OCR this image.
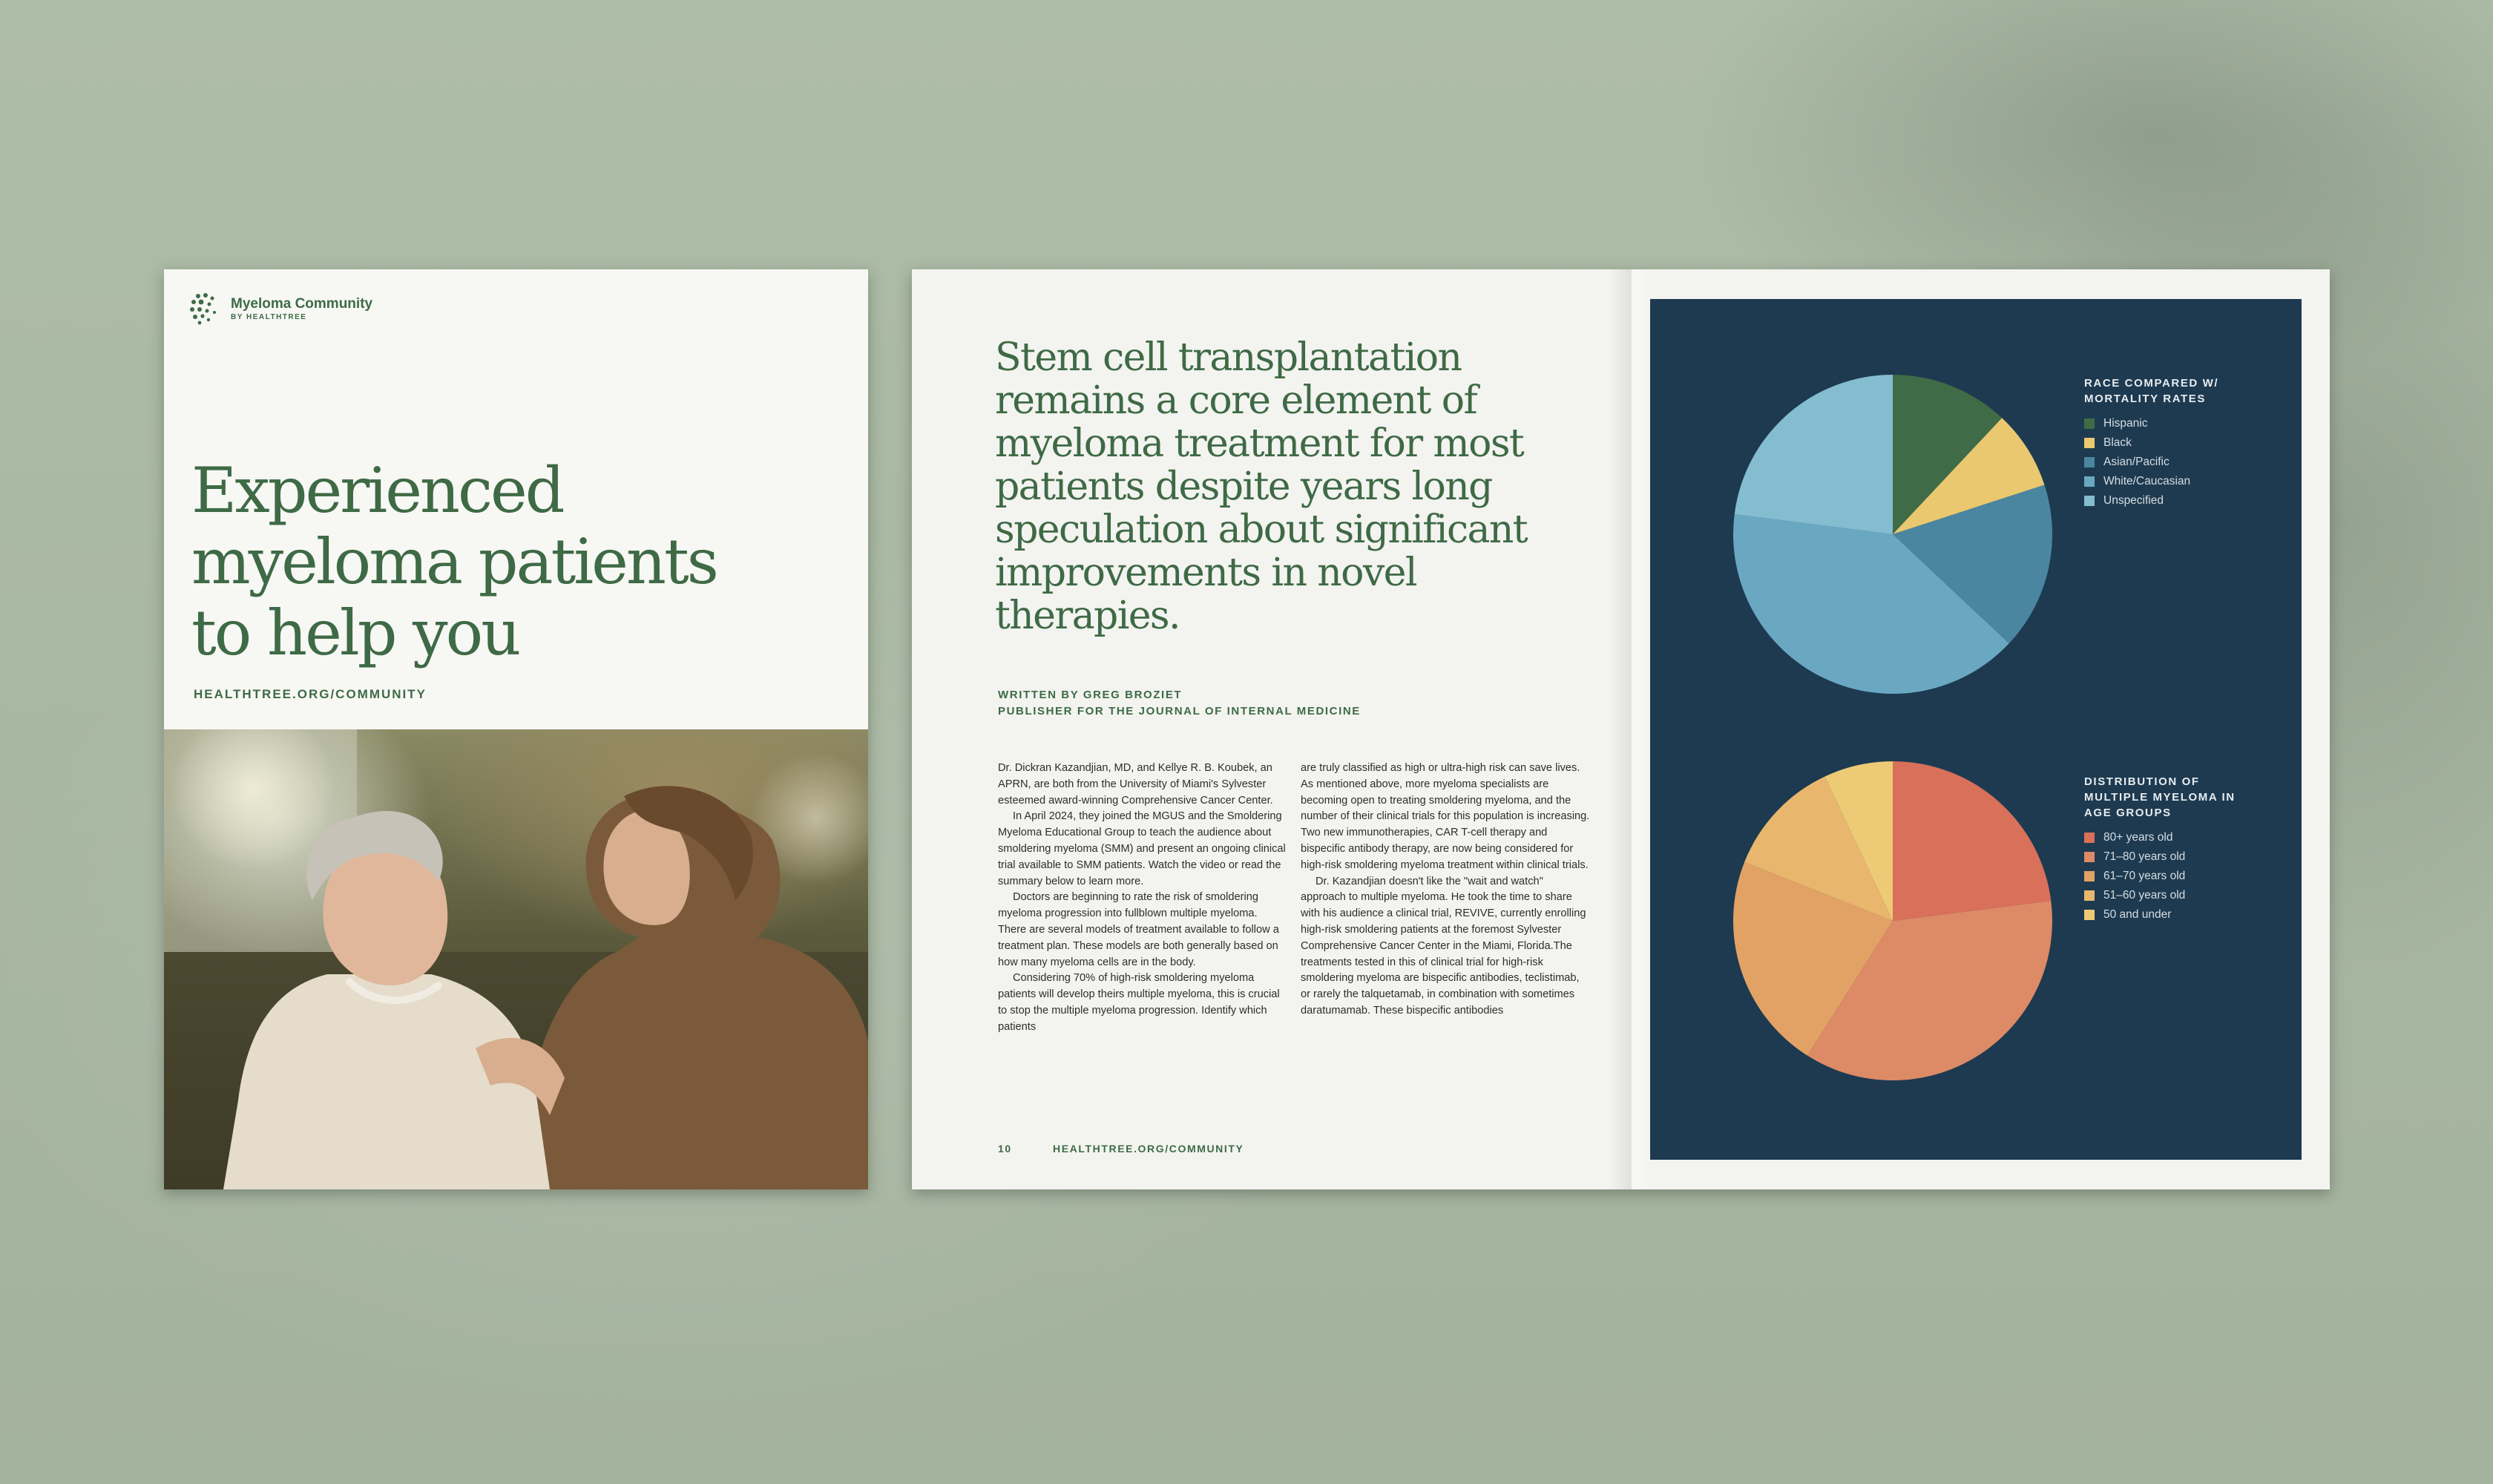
Myeloma Community
BY HEALTHTREE
Experienced myeloma patients to help you
HEALTHTREE.ORG/COMMUNITY
Stem cell transplantation remains a core element of myeloma treatment for most patients despite years long speculation about significant improvements in novel therapies.
WRITTEN BY GREG BROZIET
PUBLISHER FOR THE JOURNAL OF INTERNAL MEDICINE

Dr. Dickran Kazandjian, MD, and Kellye R. B. Koubek, an APRN, are both from the University of Miami's Sylvester esteemed award-winning Comprehensive Cancer Center.

In April 2024, they joined the MGUS and the Smoldering Myeloma Educational Group to teach the audience about smoldering myeloma (SMM) and present an ongoing clinical trial available to SMM patients. Watch the video or read the summary below to learn more.

Doctors are beginning to rate the risk of smoldering myeloma progression into fullblown multiple myeloma. There are several models of treatment available to follow a treatment plan. These models are both generally based on how many myeloma cells are in the body.

Considering 70% of high-risk smoldering myeloma patients will develop theirs multiple myeloma, this is crucial to stop the multiple myeloma progression. Identify which patients

are truly classified as high or ultra-high risk can save lives. As mentioned above, more myeloma specialists are becoming open to treating smoldering myeloma, and the number of their clinical trials for this population is increasing. Two new immunotherapies, CAR T-cell therapy and bispecific antibody therapy, are now being considered for high-risk smoldering myeloma treatment within clinical trials.

Dr. Kazandjian doesn't like the "wait and watch" approach to multiple myeloma. He took the time to share with his audience a clinical trial, REVIVE, currently enrolling high-risk smoldering patients at the foremost Sylvester Comprehensive Cancer Center in the Miami, Florida.The treatments tested in this of clinical trial for high-risk smoldering myeloma are bispecific antibodies, teclistimab, or rarely the talquetamab, in combination with sometimes daratumamab. These bispecific antibodies

10	HEALTHTREE.ORG/COMMUNITY
RACE COMPARED W/ MORTALITY RATES
Hispanic
Black
Asian/Pacific
White/Caucasian
Unspecified
DISTRIBUTION OF MULTIPLE MYELOMA IN AGE GROUPS
80+ years old
71–80 years old
61–70 years old
51–60 years old
50 and under
